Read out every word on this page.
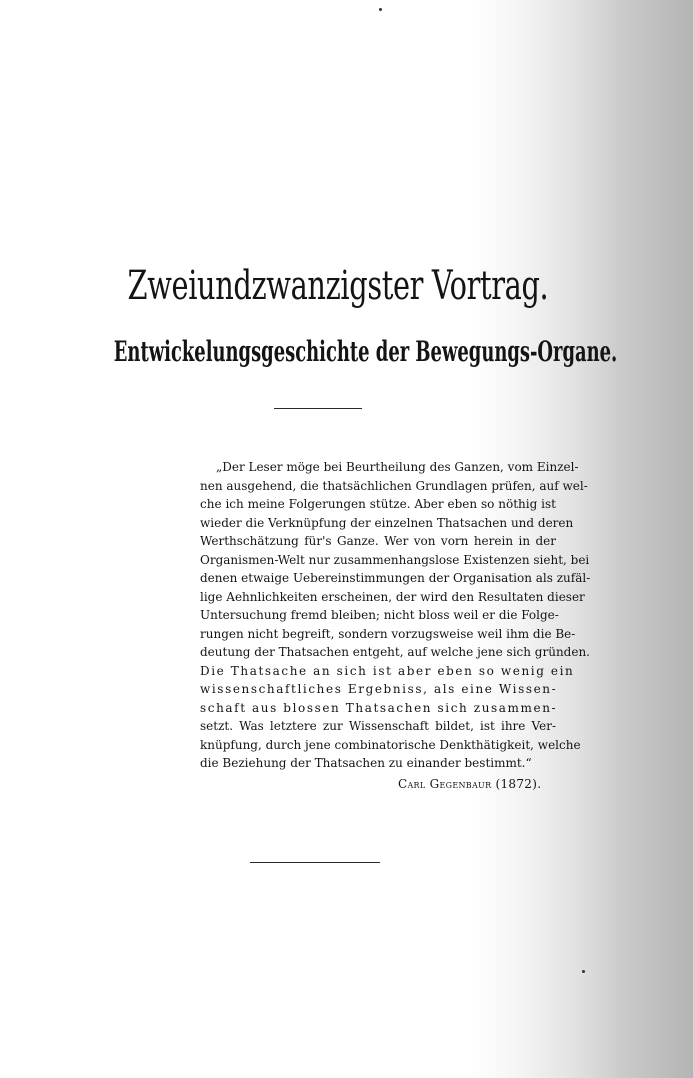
Zweiundzwanzigster Vortrag.
Entwickelungsgeschichte der Bewegungs-Organe.
„Der Leser möge bei Beurtheilung des Ganzen, vom Einzel-
nen ausgehend, die thatsächlichen Grundlagen prüfen, auf wel-
che ich meine Folgerungen stütze. Aber eben so nöthig ist
wieder die Verknüpfung der einzelnen Thatsachen und deren
Werthschätzung für's Ganze. Wer von vorn herein in der
Organismen-Welt nur zusammenhangslose Existenzen sieht, bei
denen etwaige Uebereinstimmungen der Organisation als zufäl-
lige Aehnlichkeiten erscheinen, der wird den Resultaten dieser
Untersuchung fremd bleiben; nicht bloss weil er die Folge-
rungen nicht begreift, sondern vorzugsweise weil ihm die Be-
deutung der Thatsachen entgeht, auf welche jene sich gründen.
Die Thatsache an sich ist aber eben so wenig ein
wissenschaftliches Ergebniss, als eine Wissen-
schaft aus blossen Thatsachen sich zusammen-
setzt. Was letztere zur Wissenschaft bildet, ist ihre Ver-
knüpfung, durch jene combinatorische Denkthätigkeit, welche
die Beziehung der Thatsachen zu einander bestimmt.“
Carl Gegenbaur (1872).
